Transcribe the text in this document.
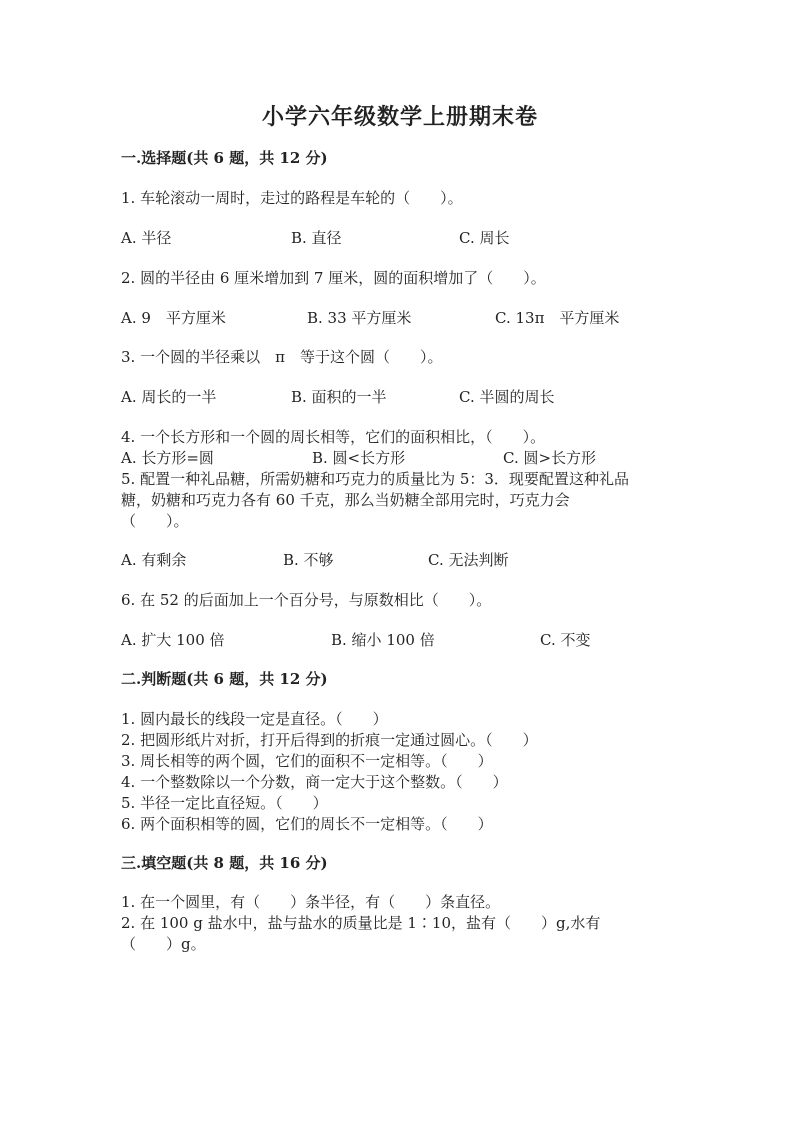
小学六年级数学上册期末卷
一.选择题(共 6 题，共 12 分)
1. 车轮滚动一周时，走过的路程是车轮的（　　）。
A. 半径	B. 直径	C. 周长
2. 圆的半径由 6 厘米增加到 7 厘米，圆的面积增加了（　　）。
A. 9　平方厘米	B. 33 平方厘米	C. 13π　平方厘米
3. 一个圆的半径乘以　π　等于这个圆（　　）。
A. 周长的一半	B. 面积的一半	C. 半圆的周长
4. 一个长方形和一个圆的周长相等，它们的面积相比，（　　）。
A. 长方形=圆	B. 圆<长方形	C. 圆>长方形
5. 配置一种礼品糖，所需奶糖和巧克力的质量比为 5：3．现要配置这种礼品
糖，奶糖和巧克力各有 60 千克，那么当奶糖全部用完时，巧克力会
（　　）。
A. 有剩余	B. 不够	C. 无法判断
6. 在 52 的后面加上一个百分号，与原数相比（　　）。
A. 扩大 100 倍	B. 缩小 100 倍	C. 不变
二.判断题(共 6 题，共 12 分)
1. 圆内最长的线段一定是直径。（　　）
2. 把圆形纸片对折，打开后得到的折痕一定通过圆心。（　　）
3. 周长相等的两个圆，它们的面积不一定相等。（　　）
4. 一个整数除以一个分数，商一定大于这个整数。（　　）
5. 半径一定比直径短。（　　）
6. 两个面积相等的圆，它们的周长不一定相等。（　　）
三.填空题(共 8 题，共 16 分)
1. 在一个圆里，有（　　）条半径，有（　　）条直径。
2. 在 100 g 盐水中，盐与盐水的质量比是 1∶10，盐有（　　）g,水有
（　　）g。
